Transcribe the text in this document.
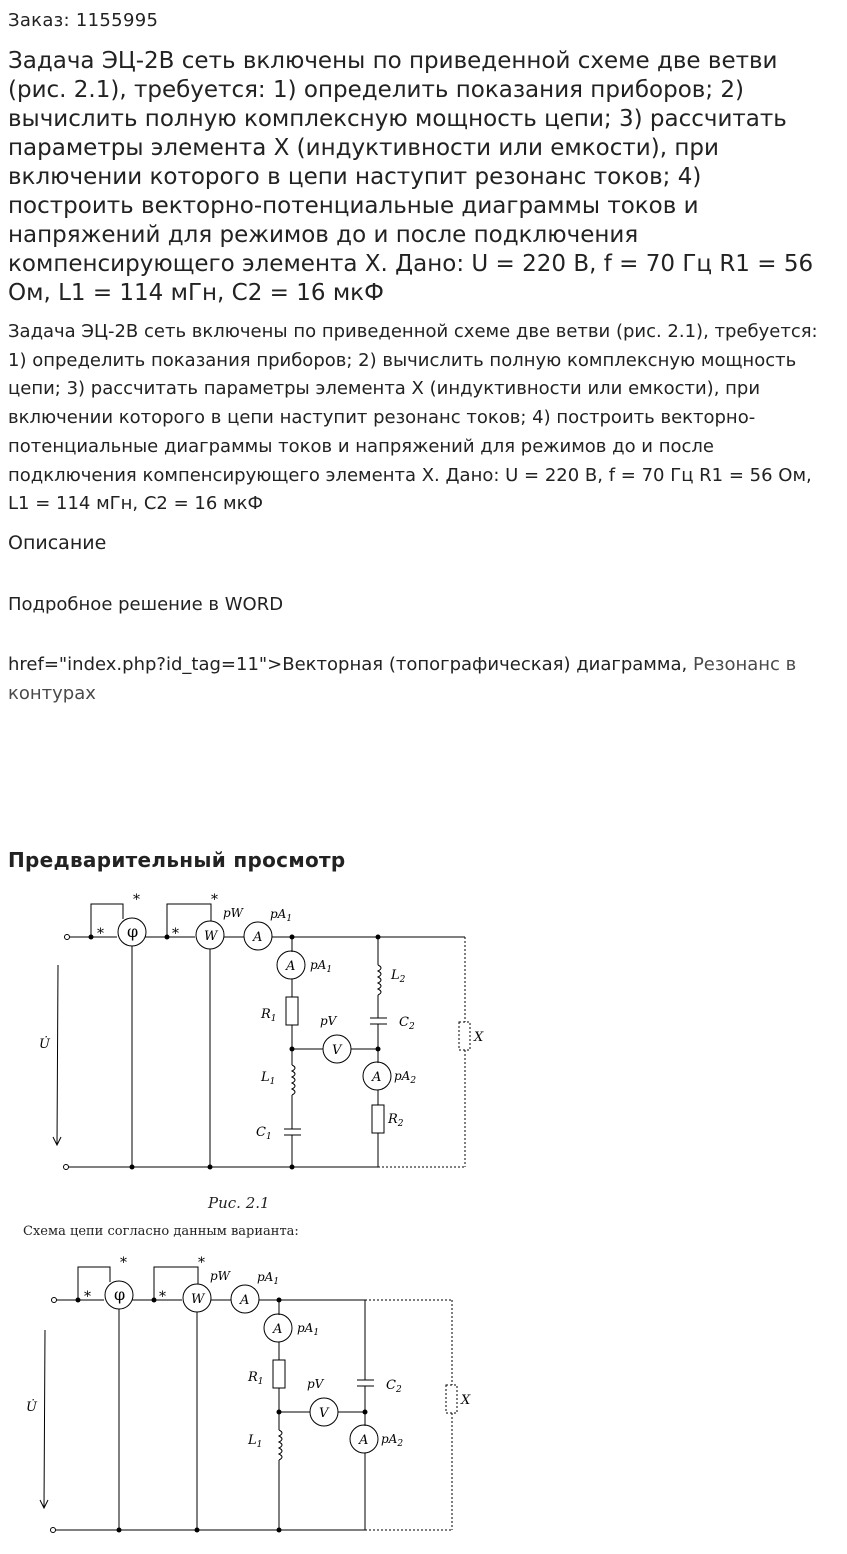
Заказ: 1155995
Задача ЭЦ-2В сеть включены по приведенной схеме две ветви (рис. 2.1), требуется: 1) определить показания приборов; 2) вычислить полную комплексную мощность цепи; 3) рассчитать параметры элемента X (индуктивности или емкости), при включении которого в цепи наступит резонанс токов; 4) построить векторно-потенциальные диаграммы токов и напряжений для режимов до и после подключения компенсирующего элемента X. Дано: U = 220 В, f = 70 Гц R1 = 56 Ом, L1 = 114 мГн, C2 = 16 мкФ
Задача ЭЦ-2В сеть включены по приведенной схеме две ветви (рис. 2.1), требуется: 1) определить показания приборов; 2) вычислить полную комплексную мощность цепи; 3) рассчитать параметры элемента X (индуктивности или емкости), при включении которого в цепи наступит резонанс токов; 4) построить векторно-потенциальные диаграммы токов и напряжений для режимов до и после подключения компенсирующего элемента X. Дано: U = 220 В, f = 70 Гц R1 = 56 Ом, L1 = 114 мГн, C2 = 16 мкФ
Описание
Подробное решение в WORD
href="index.php?id_tag=11">Векторная (топографическая) диаграмма, Резонанс в контурах
Предварительный просмотр
*
*
*
*
φ	W	A
A
V
A
pW $pA_1$
$pA_1$
pV
$pA_2$
$R_1$
$L_1$
$C_1$
$L_2$
$C_2$
$R_2$
X
U̇
Рис. 2.1
Схема цепи согласно данным варианта:
*
*
*
*
φ	W	A
A
V
A
pW $pA_1$
$pA_1$
pV
$pA_2$
$R_1$
$L_1$
$C_2$
X
U̇
